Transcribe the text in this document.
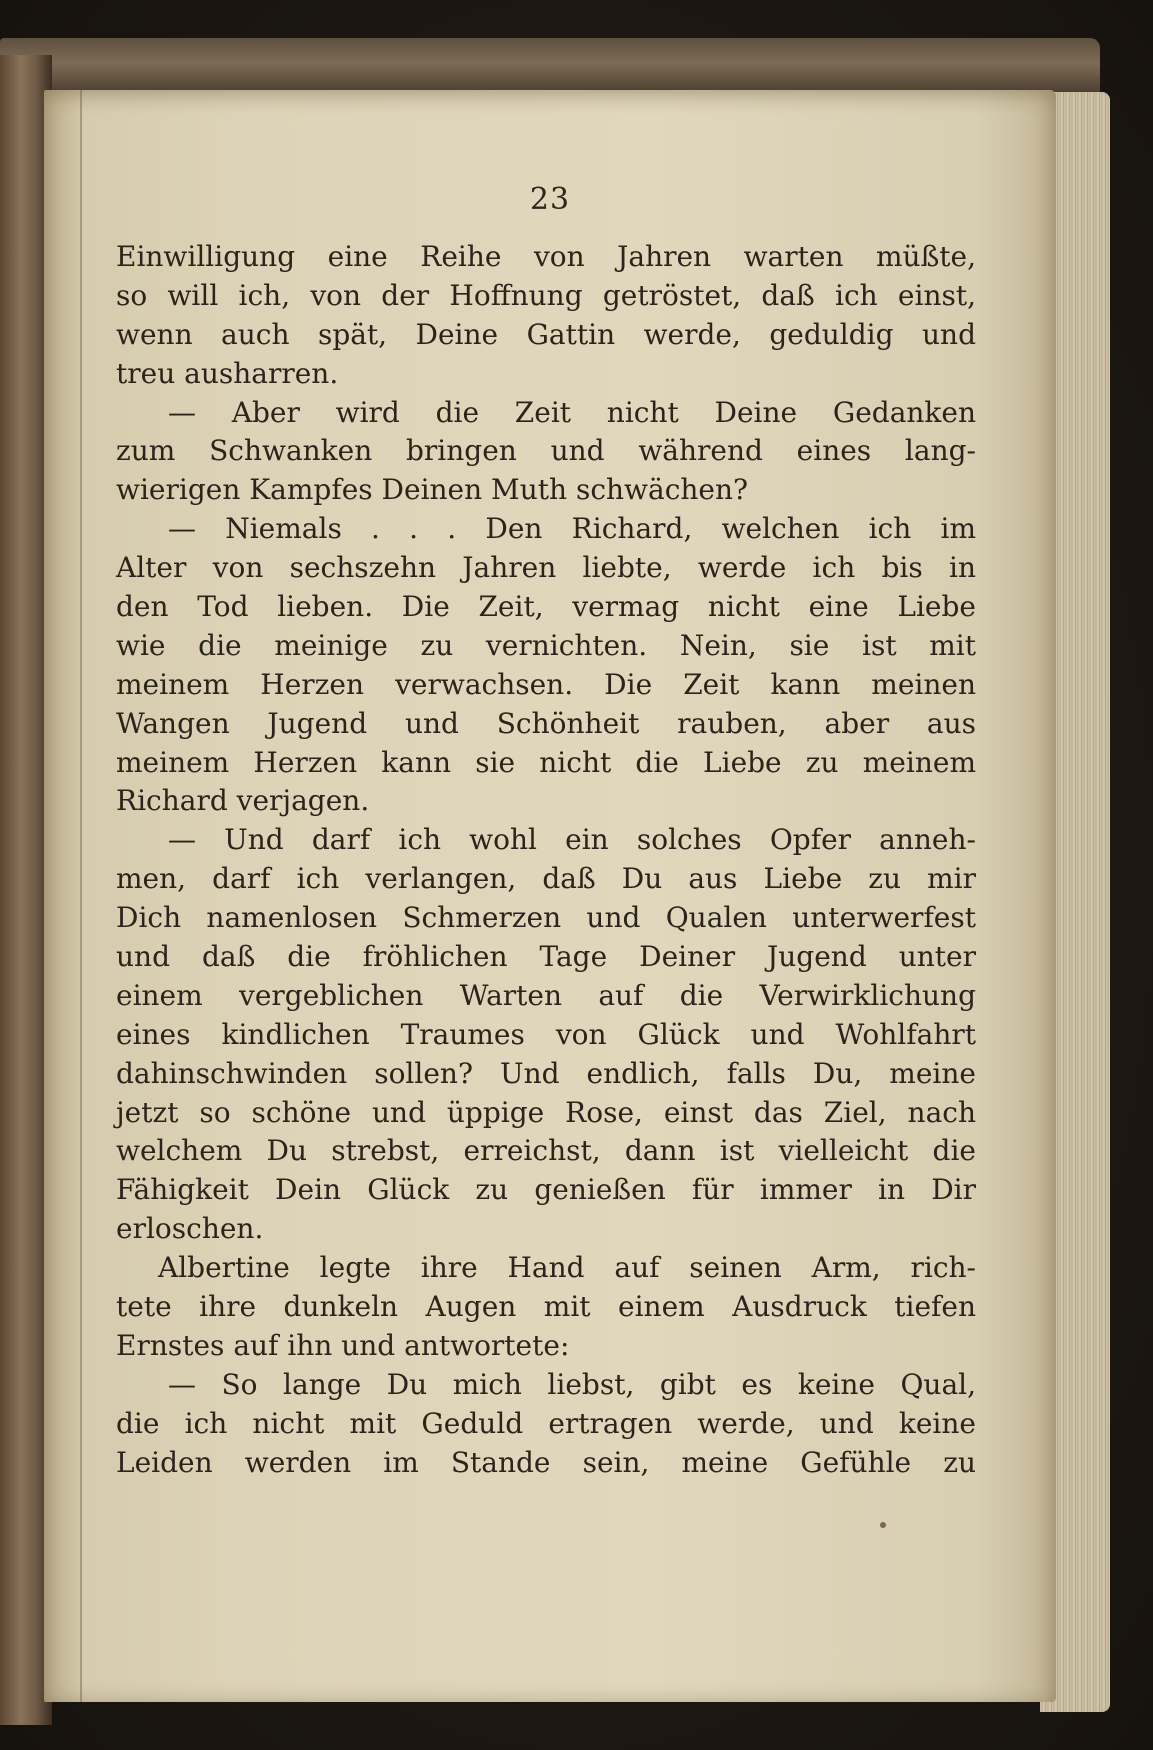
23

Einwilligung eine Reihe von Jahren warten müßte,
so will ich, von der Hoffnung getröstet, daß ich einst,
wenn auch spät, Deine Gattin werde, geduldig und
treu ausharren.
— Aber wird die Zeit nicht Deine Gedanken
zum Schwanken bringen und während eines lang-
wierigen Kampfes Deinen Muth schwächen?
— Niemals . . . Den Richard, welchen ich im
Alter von sechszehn Jahren liebte, werde ich bis in
den Tod lieben. Die Zeit, vermag nicht eine Liebe
wie die meinige zu vernichten. Nein, sie ist mit
meinem Herzen verwachsen. Die Zeit kann meinen
Wangen Jugend und Schönheit rauben, aber aus
meinem Herzen kann sie nicht die Liebe zu meinem
Richard verjagen.
— Und darf ich wohl ein solches Opfer anneh-
men, darf ich verlangen, daß Du aus Liebe zu mir
Dich namenlosen Schmerzen und Qualen unterwerfest
und daß die fröhlichen Tage Deiner Jugend unter
einem vergeblichen Warten auf die Verwirklichung
eines kindlichen Traumes von Glück und Wohlfahrt
dahinschwinden sollen? Und endlich, falls Du, meine
jetzt so schöne und üppige Rose, einst das Ziel, nach
welchem Du strebst, erreichst, dann ist vielleicht die
Fähigkeit Dein Glück zu genießen für immer in Dir
erloschen.
Albertine legte ihre Hand auf seinen Arm, rich-
tete ihre dunkeln Augen mit einem Ausdruck tiefen
Ernstes auf ihn und antwortete:
— So lange Du mich liebst, gibt es keine Qual,
die ich nicht mit Geduld ertragen werde, und keine
Leiden werden im Stande sein, meine Gefühle zu
